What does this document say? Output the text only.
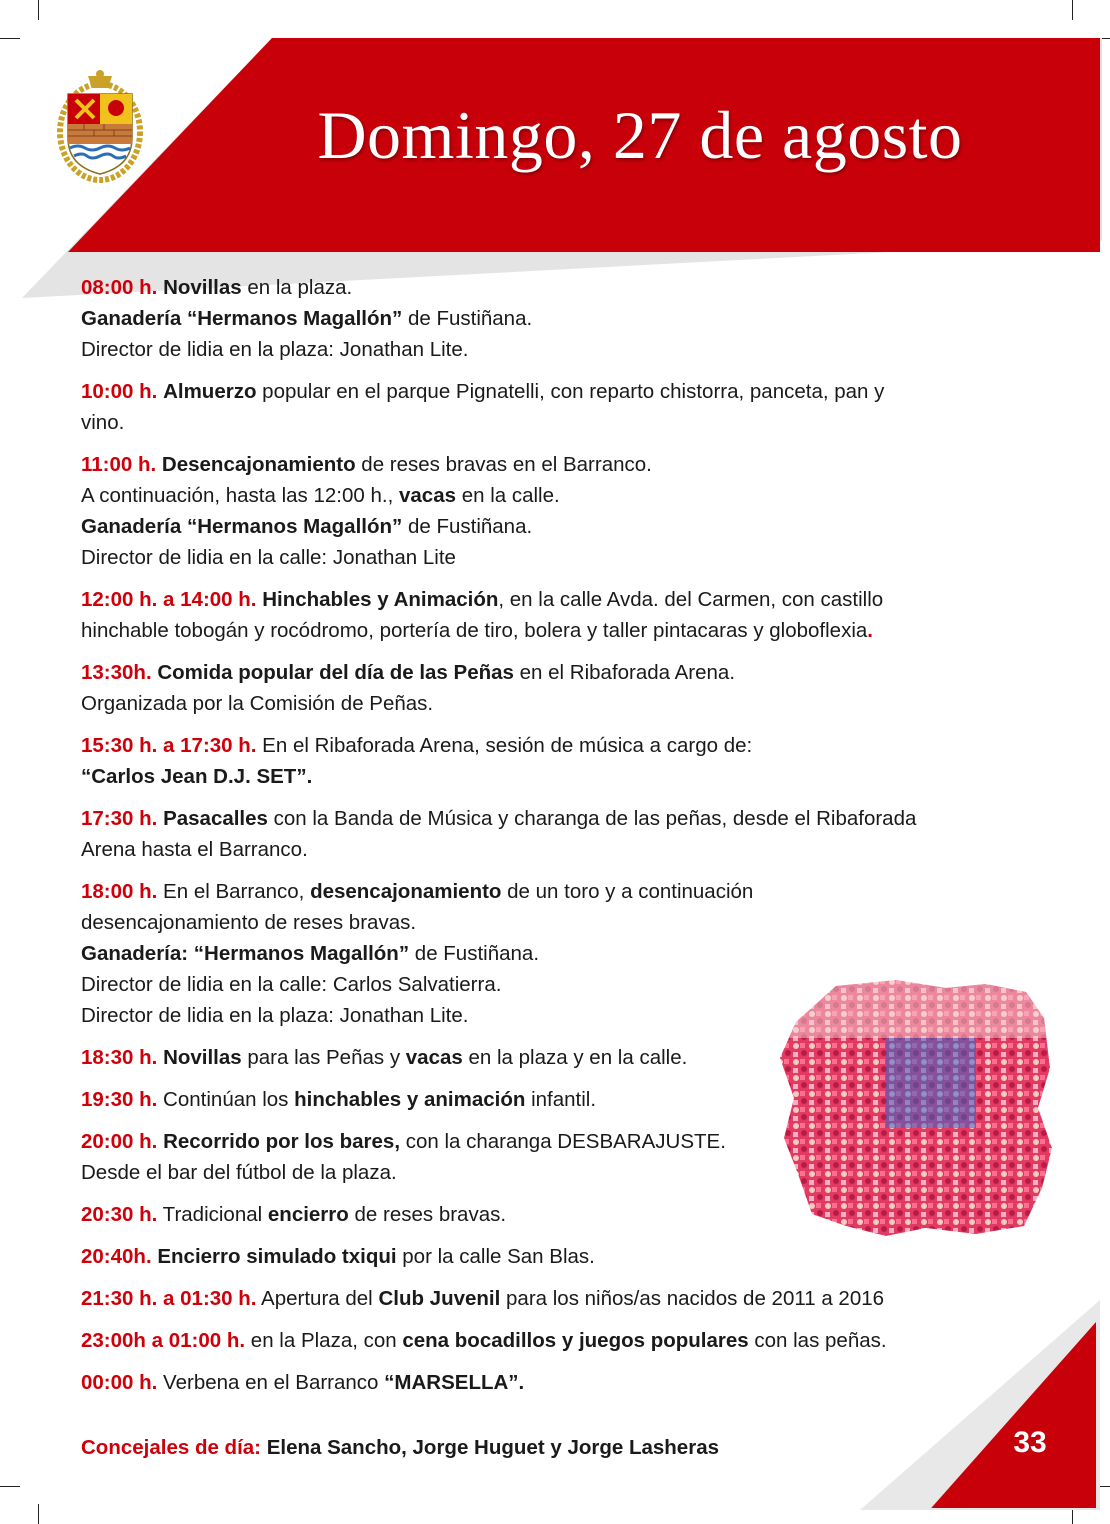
Domingo, 27 de agosto
08:00 h. Novillas en la plaza.
Ganadería “Hermanos Magallón” de Fustiñana.
Director de lidia en la plaza: Jonathan Lite.
10:00 h. Almuerzo popular en el parque Pignatelli, con reparto chistorra, panceta, pan y
vino.
11:00 h. Desencajonamiento de reses bravas en el Barranco.
A continuación, hasta las 12:00 h., vacas en la calle.
Ganadería “Hermanos Magallón” de Fustiñana.
Director de lidia en la calle: Jonathan Lite
12:00 h. a 14:00 h. Hinchables y Animación, en la calle Avda. del Carmen, con castillo
hinchable tobogán y rocódromo, portería de tiro, bolera y taller pintacaras y globoflexia.
13:30h. Comida popular del día de las Peñas en el Ribaforada Arena.
Organizada por la Comisión de Peñas.
15:30 h. a 17:30 h. En el Ribaforada Arena, sesión de música a cargo de:
“Carlos Jean D.J. SET”.
17:30 h. Pasacalles con la Banda de Música y charanga de las peñas, desde el Ribaforada
Arena hasta el Barranco.
18:00 h. En el Barranco, desencajonamiento de un toro y a continuación
desencajonamiento de reses bravas.
Ganadería: “Hermanos Magallón” de Fustiñana.
Director de lidia en la calle: Carlos Salvatierra.
Director de lidia en la plaza: Jonathan Lite.
18:30 h. Novillas para las Peñas y vacas en la plaza y en la calle.
19:30 h. Continúan los hinchables y animación infantil.
20:00 h. Recorrido por los bares, con la charanga DESBARAJUSTE.
Desde el bar del fútbol de la plaza.
20:30 h. Tradicional encierro de reses bravas.
20:40h. Encierro simulado txiqui por la calle San Blas.
21:30 h. a 01:30 h. Apertura del Club Juvenil para los niños/as nacidos de 2011 a 2016
23:00h a 01:00 h. en la Plaza, con cena bocadillos y juegos populares con las peñas.
00:00 h. Verbena en el Barranco “MARSELLA”.
Concejales de día: Elena Sancho, Jorge Huguet y Jorge Lasheras	33
